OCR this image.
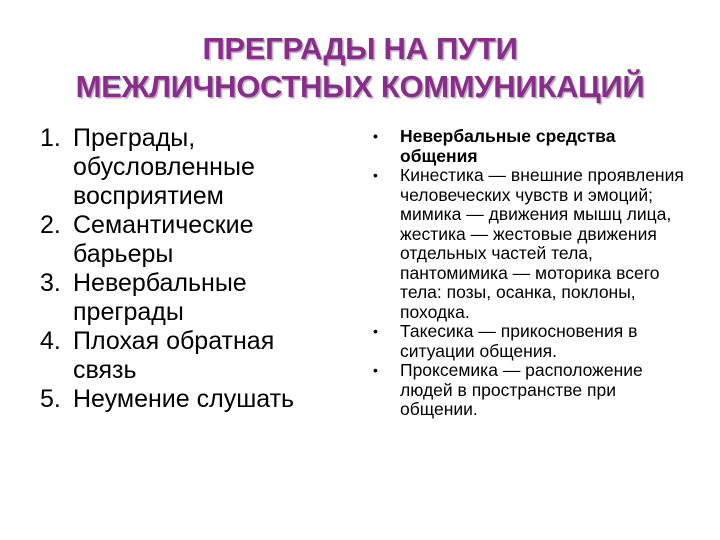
ПРЕГРАДЫ НА ПУТИ
МЕЖЛИЧНОСТНЫХ КОММУНИКАЦИЙ
1. Преграды, обусловленные восприятием
2. Семантические барьеры
3. Невербальные преграды
4. Плохая обратная связь
5. Неумение слушать
• Невербальные средства общения
• Кинестика — внешние проявления человеческих чувств и эмоций; мимика — движения мышц лица, жестика — жестовые движения отдельных частей тела, пантомимика — моторика всего тела: позы, осанка, поклоны, походка.
• Такесика — прикосновения в ситуации общения.
• Проксемика — расположение людей в пространстве при общении.
